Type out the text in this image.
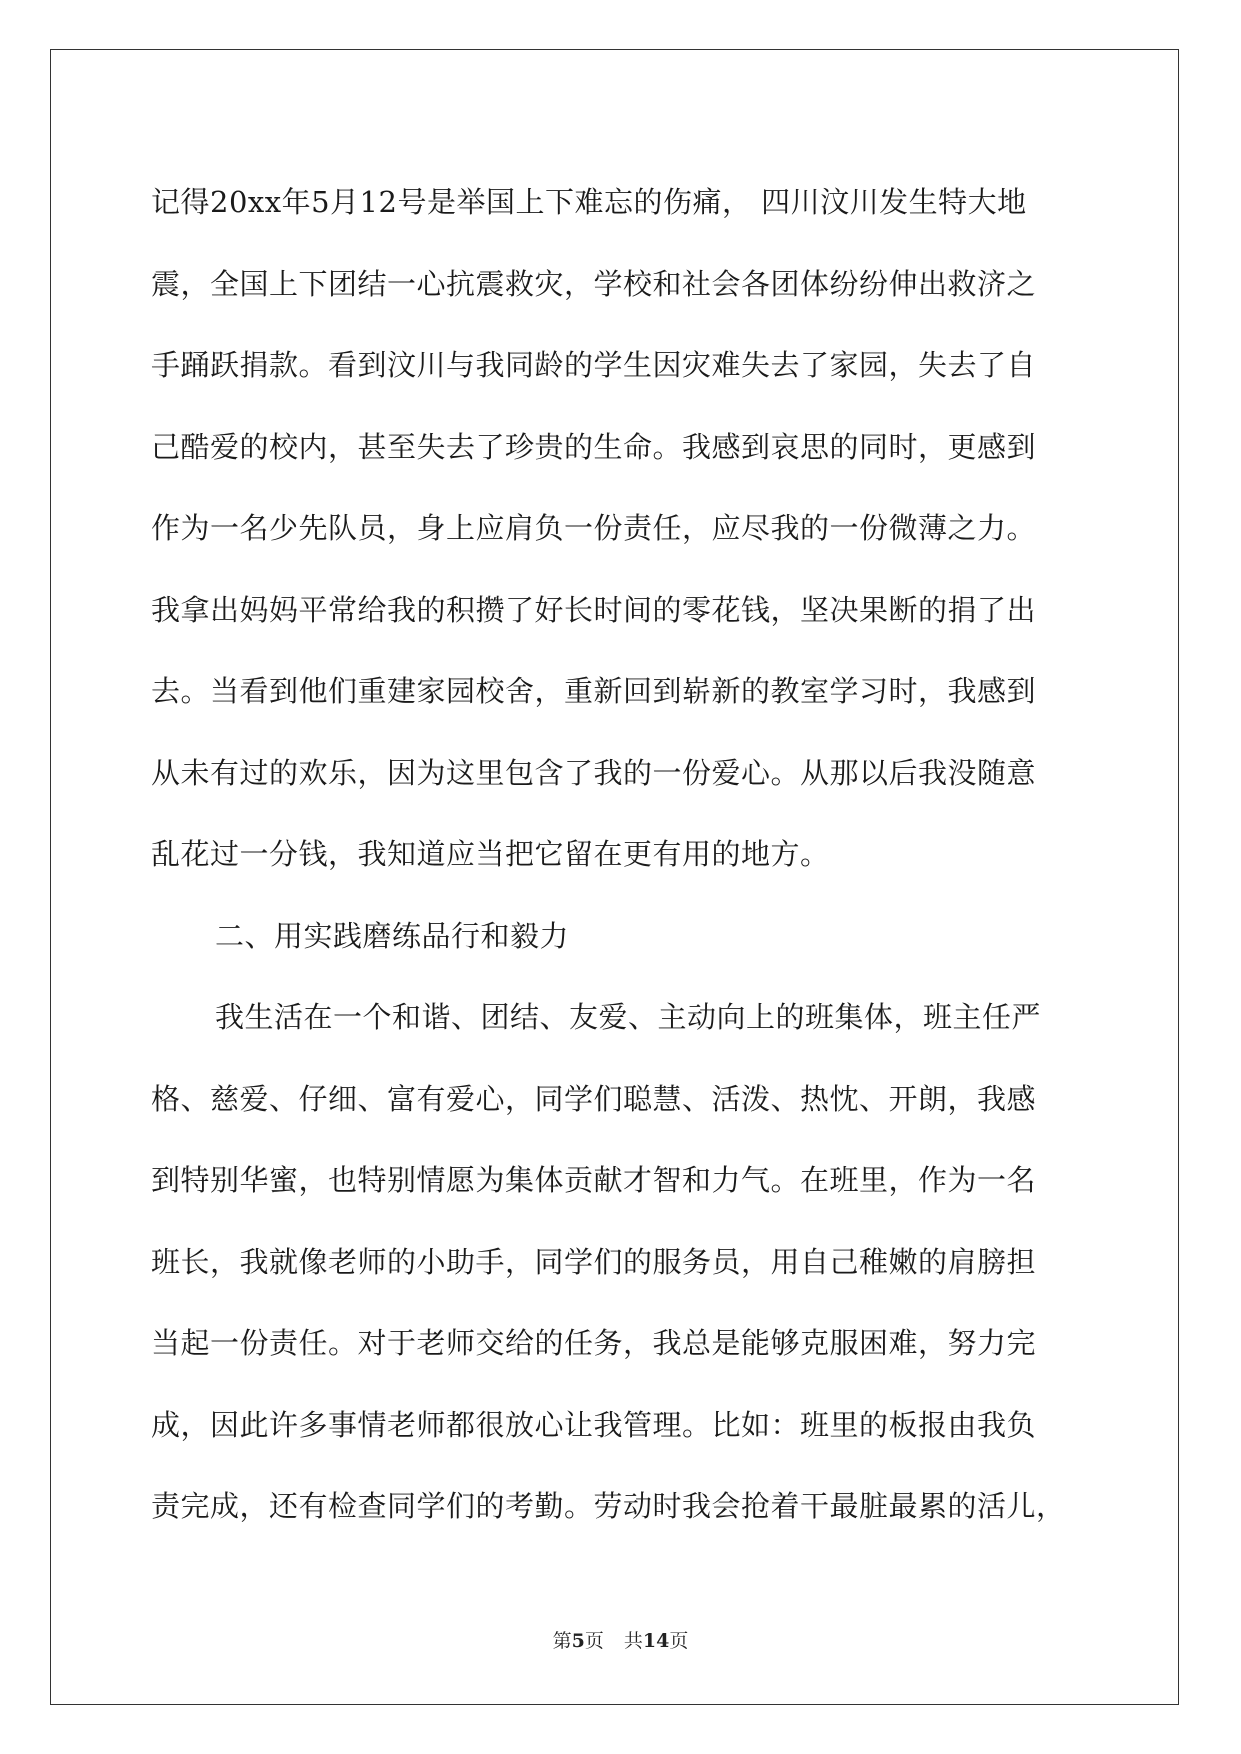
记得20xx年5月12号是举国上下难忘的伤痛， 四川汶川发生特大地
震，全国上下团结一心抗震救灾，学校和社会各团体纷纷伸出救济之
手踊跃捐款。看到汶川与我同龄的学生因灾难失去了家园，失去了自
己酷爱的校内，甚至失去了珍贵的生命。我感到哀思的同时，更感到
作为一名少先队员，身上应肩负一份责任，应尽我的一份微薄之力。
我拿出妈妈平常给我的积攒了好长时间的零花钱，坚决果断的捐了出
去。当看到他们重建家园校舍，重新回到崭新的教室学习时，我感到
从未有过的欢乐，因为这里包含了我的一份爱心。从那以后我没随意
乱花过一分钱，我知道应当把它留在更有用的地方。
二、用实践磨练品行和毅力
我生活在一个和谐、团结、友爱、主动向上的班集体，班主任严
格、慈爱、仔细、富有爱心，同学们聪慧、活泼、热忱、开朗，我感
到特别华蜜，也特别情愿为集体贡献才智和力气。在班里，作为一名
班长，我就像老师的小助手，同学们的服务员，用自己稚嫩的肩膀担
当起一份责任。对于老师交给的任务，我总是能够克服困难，努力完
成，因此许多事情老师都很放心让我管理。比如：班里的板报由我负
责完成，还有检查同学们的考勤。劳动时我会抢着干最脏最累的活儿，
第5页 共14页
